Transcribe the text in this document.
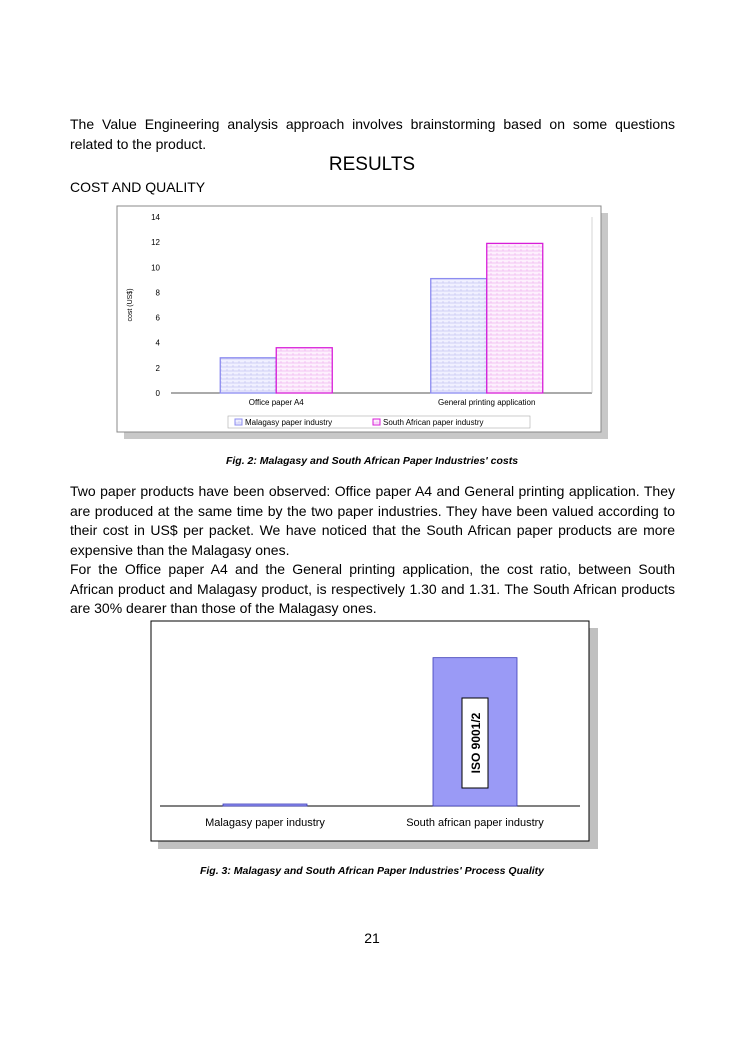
The Value Engineering analysis approach involves brainstorming based on some questions related to the product.

RESULTS

COST AND QUALITY

0
2
4
6
8
10
12
14
Office paper A4	General printing application
cost (US$)
Malagasy paper industry	South African paper industry

Fig. 2: Malagasy and South African Paper Industries' costs

Two paper products have been observed: Office paper A4 and General printing application. They are produced at the same time by the two paper industries. They have been valued according to their cost in US$ per packet. We have noticed that the South African paper products are more expensive than the Malagasy ones.

For the Office paper A4 and the General printing application, the cost ratio, between South African product and Malagasy product, is respectively 1.30 and 1.31. The South African products are 30% dearer than those of the Malagasy ones.

Malagasy paper industry	South african paper industry
ISO 9001/2

Fig. 3: Malagasy and South African Paper Industries' Process Quality

21
